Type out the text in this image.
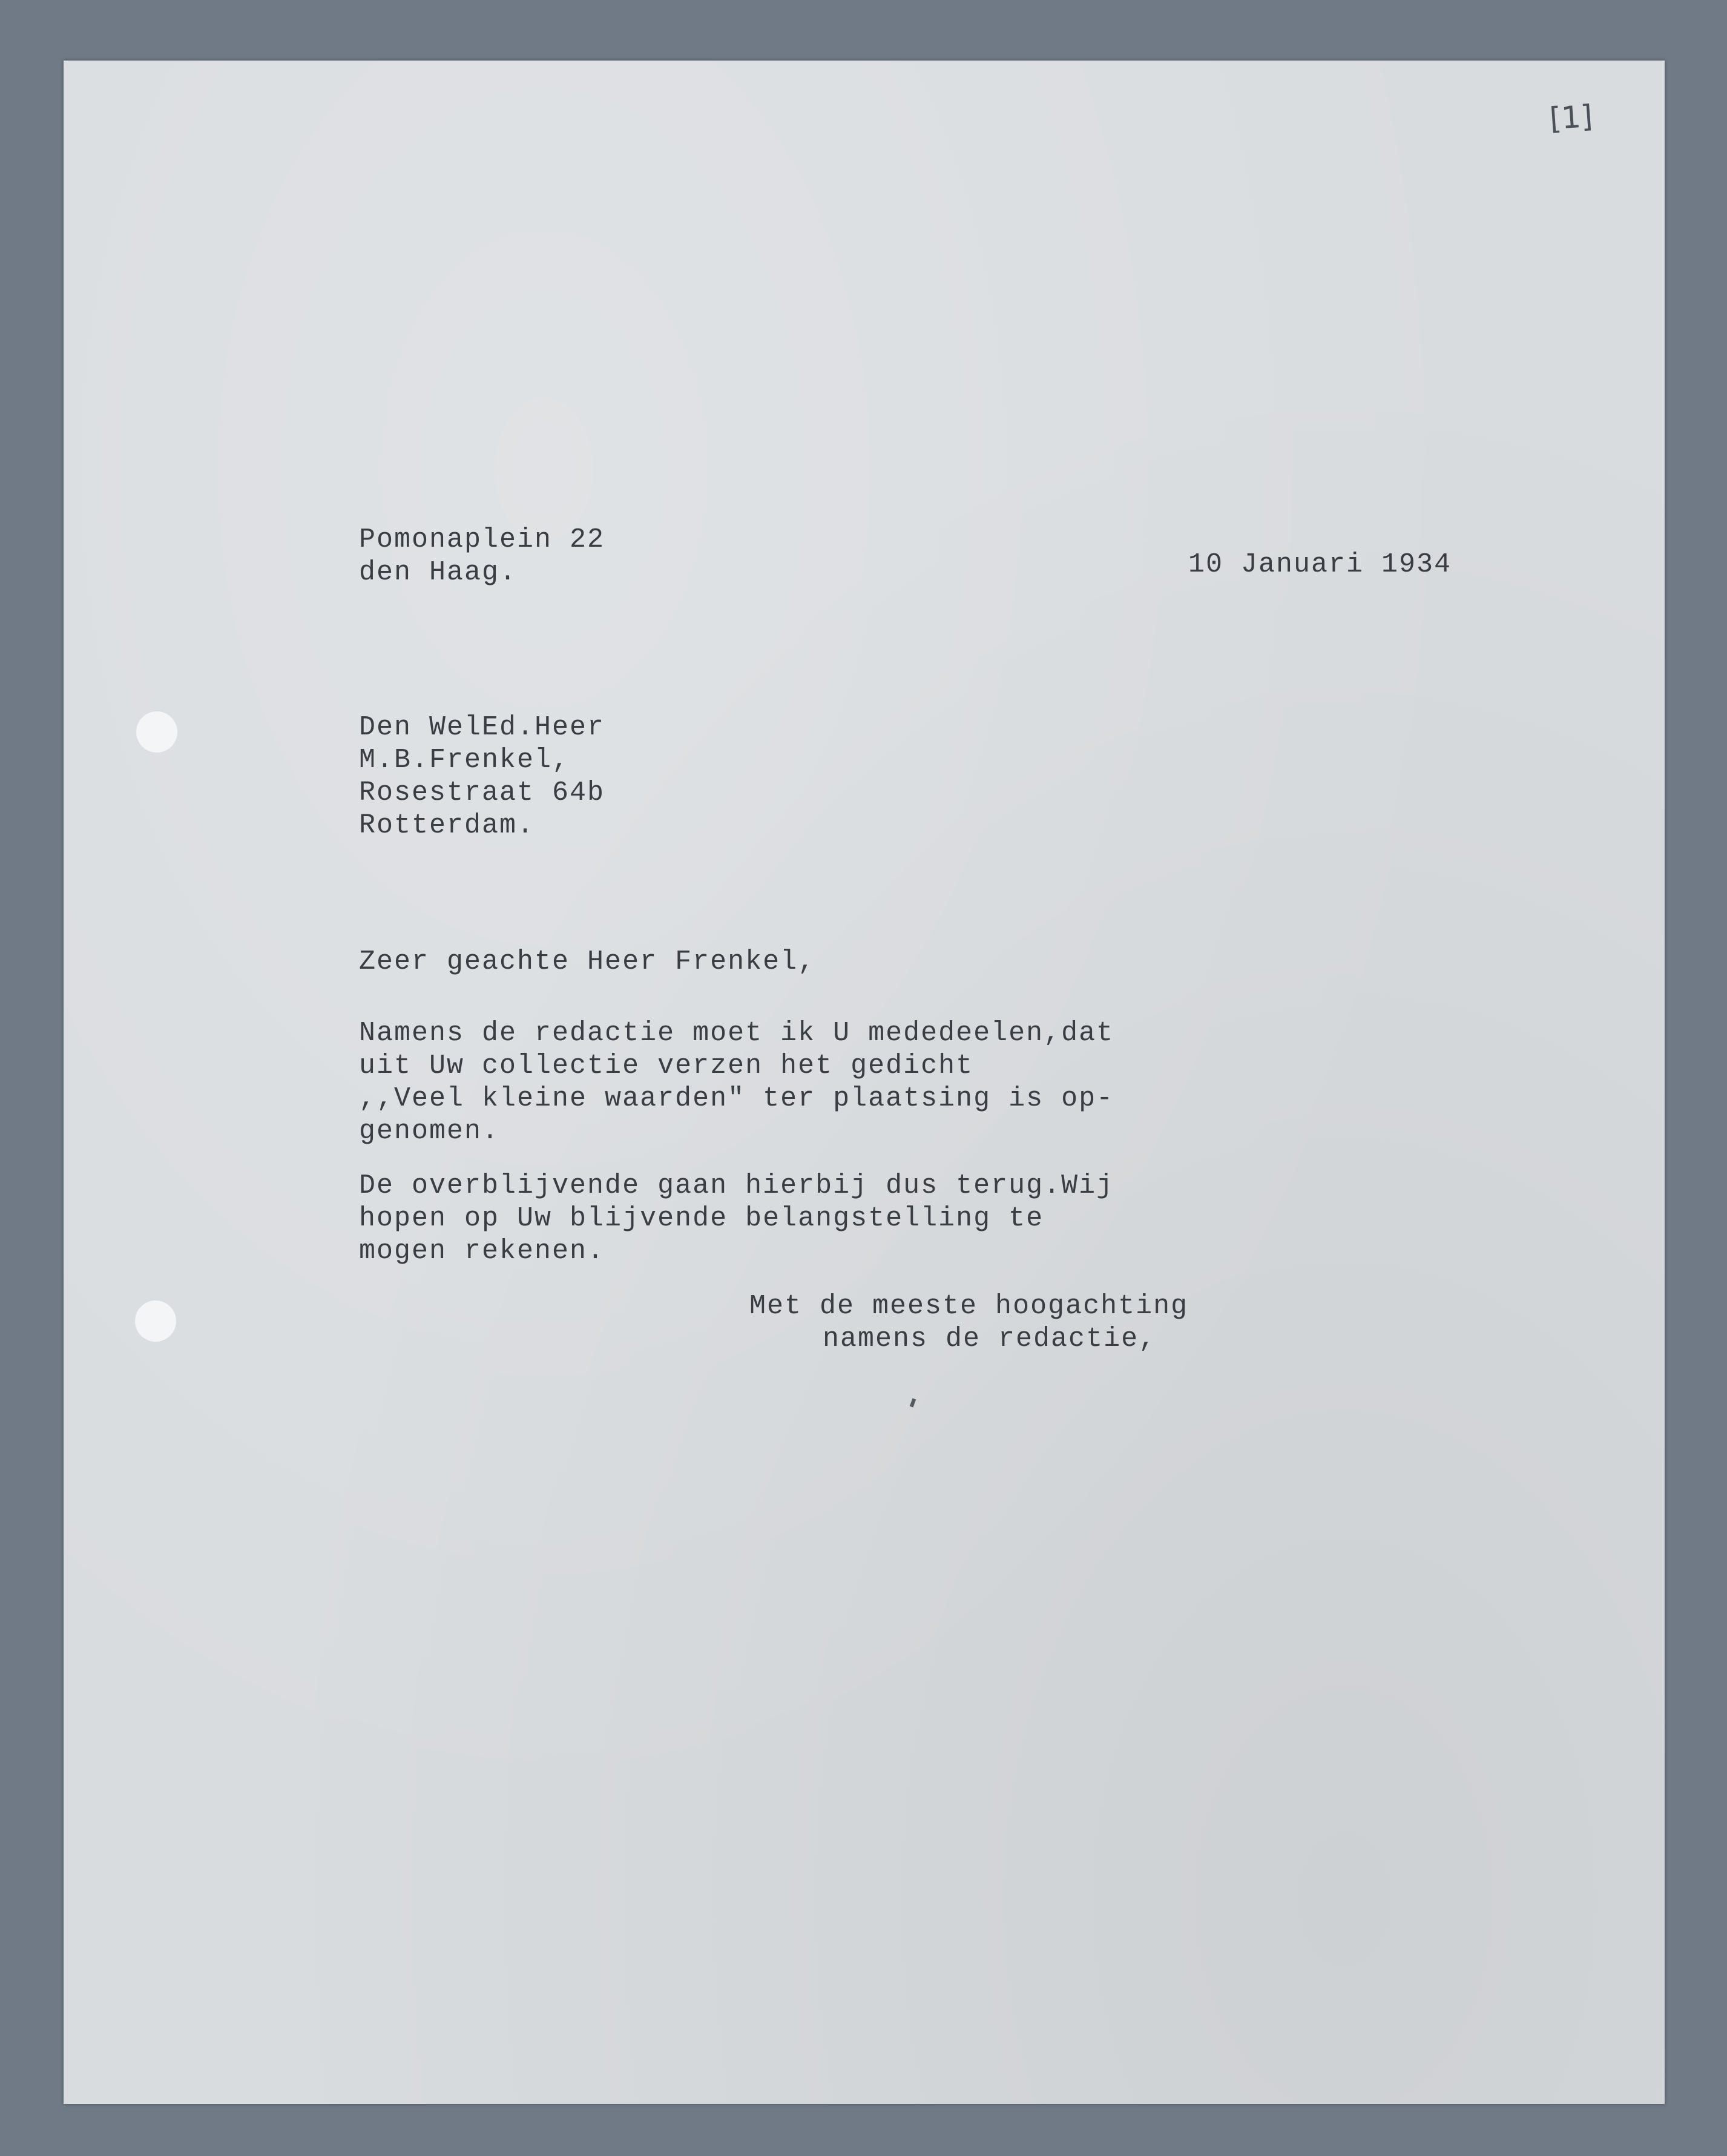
[1]
Pomonaplein 22
den Haag.	10 Januari 1934
Den WelEd.Heer
M.B.Frenkel,
Rosestraat 64b
Rotterdam.
Zeer geachte Heer Frenkel,
Namens de redactie moet ik U mededeelen,dat
uit Uw collectie verzen het gedicht
,,Veel kleine waarden" ter plaatsing is op-
genomen.
De overblijvende gaan hierbij dus terug.Wij
hopen op Uw blijvende belangstelling te
mogen rekenen.
Met de meeste hoogachting
namens de redactie,
